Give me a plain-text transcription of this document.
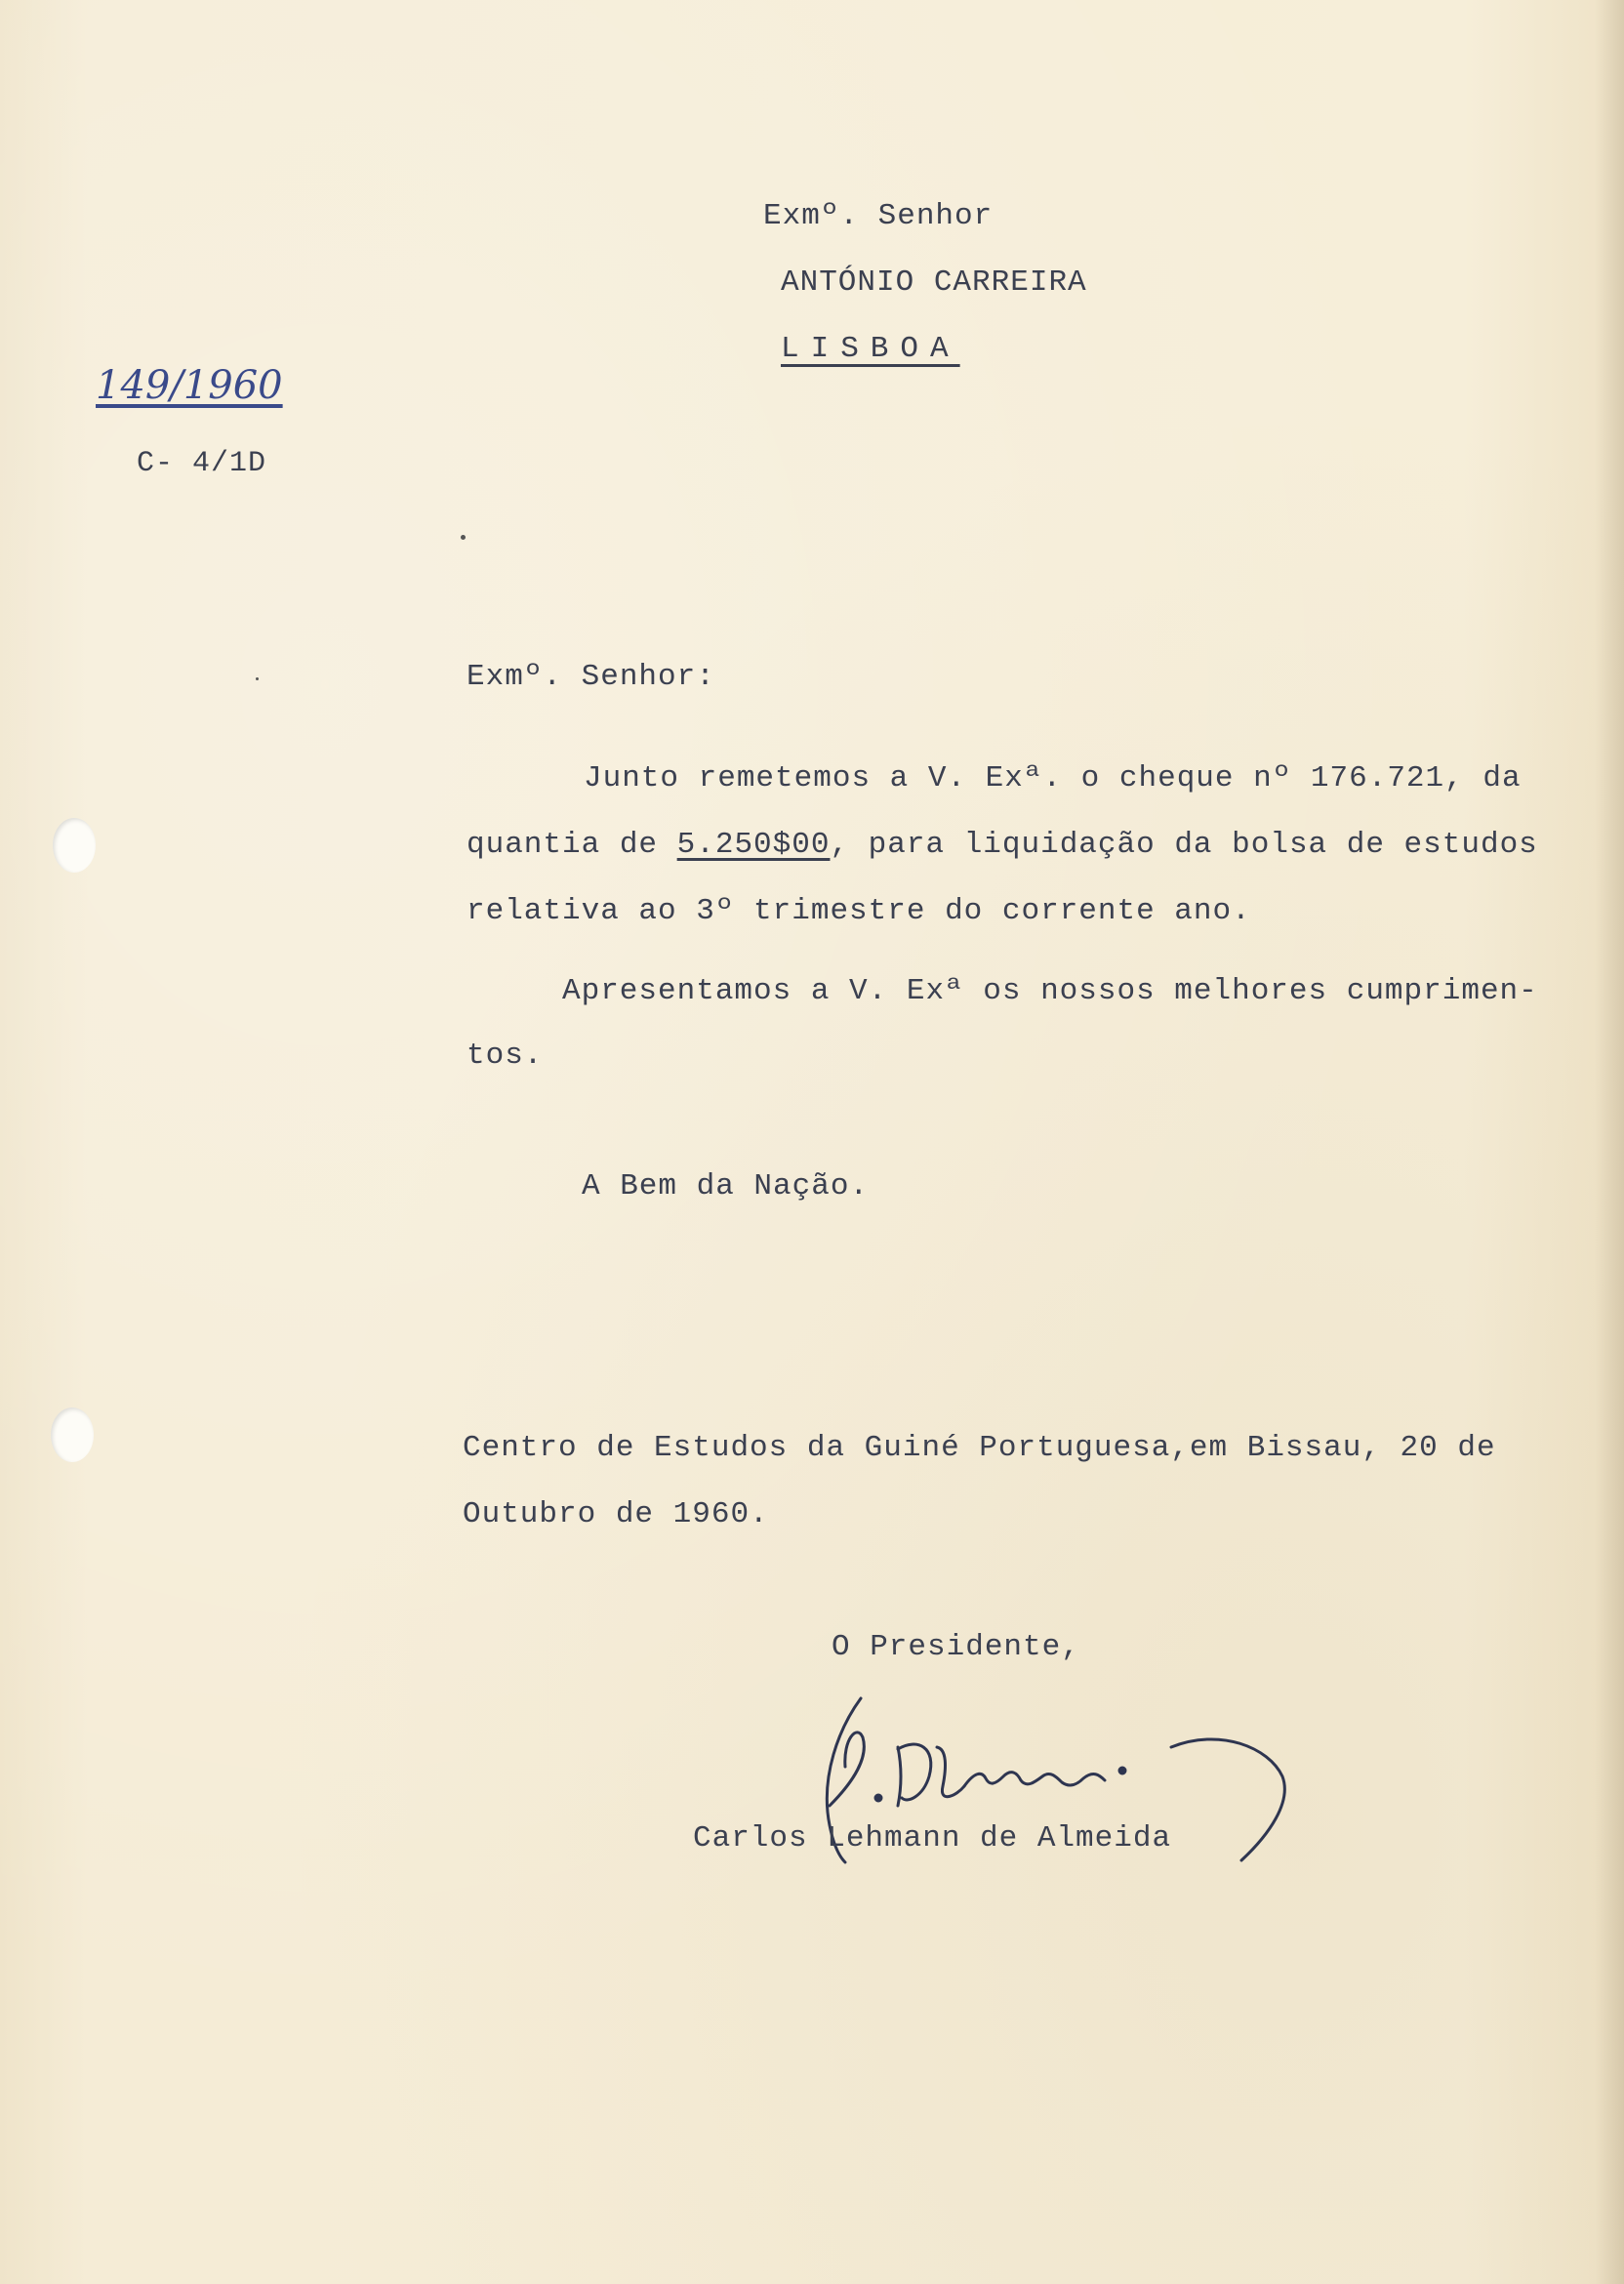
149/1960

C- 4/1D

Exmº. Senhor

ANTÓNIO CARREIRA

LISBOA

Exmº. Senhor:

Junto remetemos a V. Exª. o cheque nº 176.721, da

quantia de 5.250$00, para liquidação da bolsa de estudos

relativa ao 3º trimestre do corrente ano.

Apresentamos a V. Exª os nossos melhores cumprimen-

tos.

A Bem da Nação.

Centro de Estudos da Guiné Portuguesa,em Bissau, 20 de

Outubro de 1960.

O Presidente,

Carlos Lehmann de Almeida
